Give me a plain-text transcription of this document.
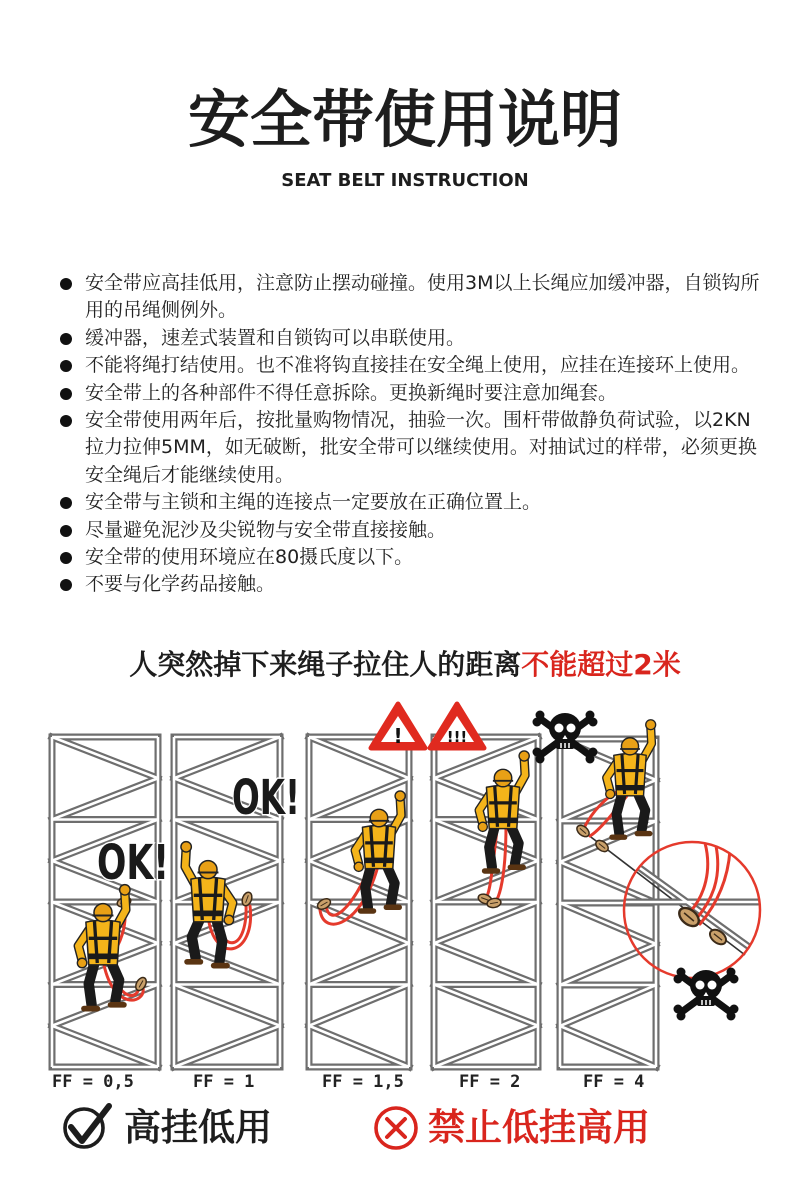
安全带使用说明
SEAT BELT INSTRUCTION
安全带应高挂低用，注意防止摆动碰撞。使用3M以上长绳应加缓冲器，自锁钩所用的吊绳侧例外。
缓冲器，速差式装置和自锁钩可以串联使用。
不能将绳打结使用。也不准将钩直接挂在安全绳上使用，应挂在连接环上使用。
安全带上的各种部件不得任意拆除。更换新绳时要注意加绳套。
安全带使用两年后，按批量购物情况，抽验一次。围杆带做静负荷试验，以2KN拉力拉伸5MM，如无破断，批安全带可以继续使用。对抽试过的样带，必须更换安全绳后才能继续使用。
安全带与主锁和主绳的连接点一定要放在正确位置上。
尽量避免泥沙及尖锐物与安全带直接接触。
安全带的使用环境应在80摄氏度以下。
不要与化学药品接触。
人突然掉下来绳子拉住人的距离不能超过2米
OK!
FF = 0,5
OK!
FF = 1
!
FF = 1,5
!!!
FF = 2	FF = 4
高挂低用	禁止低挂高用
